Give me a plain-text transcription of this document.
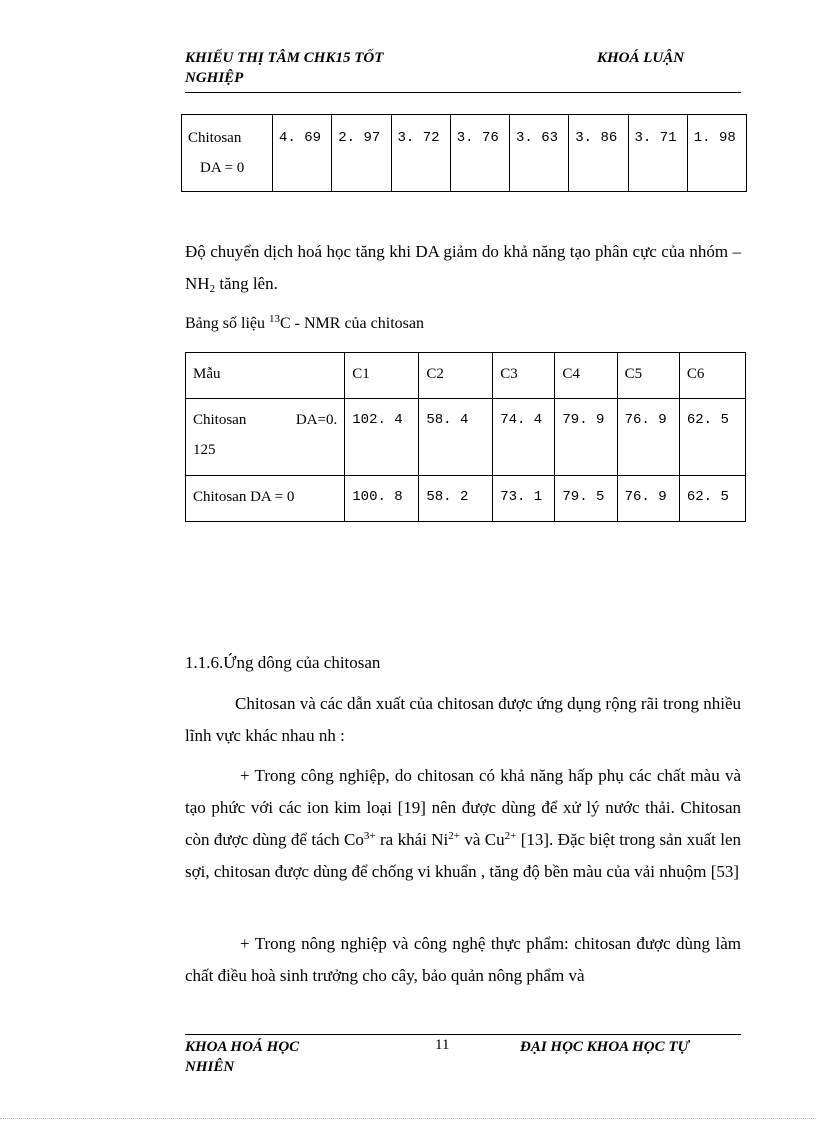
KHIẾU THỊ TÂM CHK15 TỐT NGHIỆP
KHOÁ LUẬN
Chitosan
DA = 0	4. 69	2. 97	3. 72	3. 76	3. 63	3. 86	3. 71	1. 98
Độ chuyển dịch hoá học tăng khi DA giảm do khả năng tạo phân cực của nhóm $-NH_2$ tăng lên.
Bảng số liệu $^{13}$C - NMR của chitosan
Mẫu	C1	C2	C3	C4	C5	C6

Chitosan DA=0.
125	102. 4	58. 4	74. 4	79. 9	76. 9	62. 5
Chitosan DA = 0	100. 8	58. 2	73. 1	79. 5	76. 9	62. 5
1.1.6.Ứng dông của chitosan
Chitosan và các dẫn xuất của chitosan được ứng dụng rộng rãi trong nhiều lĩnh vực khác nhau nh :
+ Trong công nghiệp, do chitosan có khả năng hấp phụ các chất màu và tạo phức với các ion kim loại [19] nên được dùng để xử lý nước thải. Chitosan còn được dùng để tách $Co^{3+}$ ra khái $Ni^{2+}$ và $Cu^{2+}$ [13]. Đặc biệt trong sản xuất len sợi, chitosan được dùng để chống vi khuẩn , tăng độ bền màu của vải nhuộm [53]
+ Trong nông nghiệp và công nghệ thực phẩm: chitosan được dùng làm chất điều hoà sinh trưởng cho cây, bảo quản nông phẩm và
KHOA HOÁ HỌC NHIÊN
11	ĐẠI HỌC KHOA HỌC TỰ
